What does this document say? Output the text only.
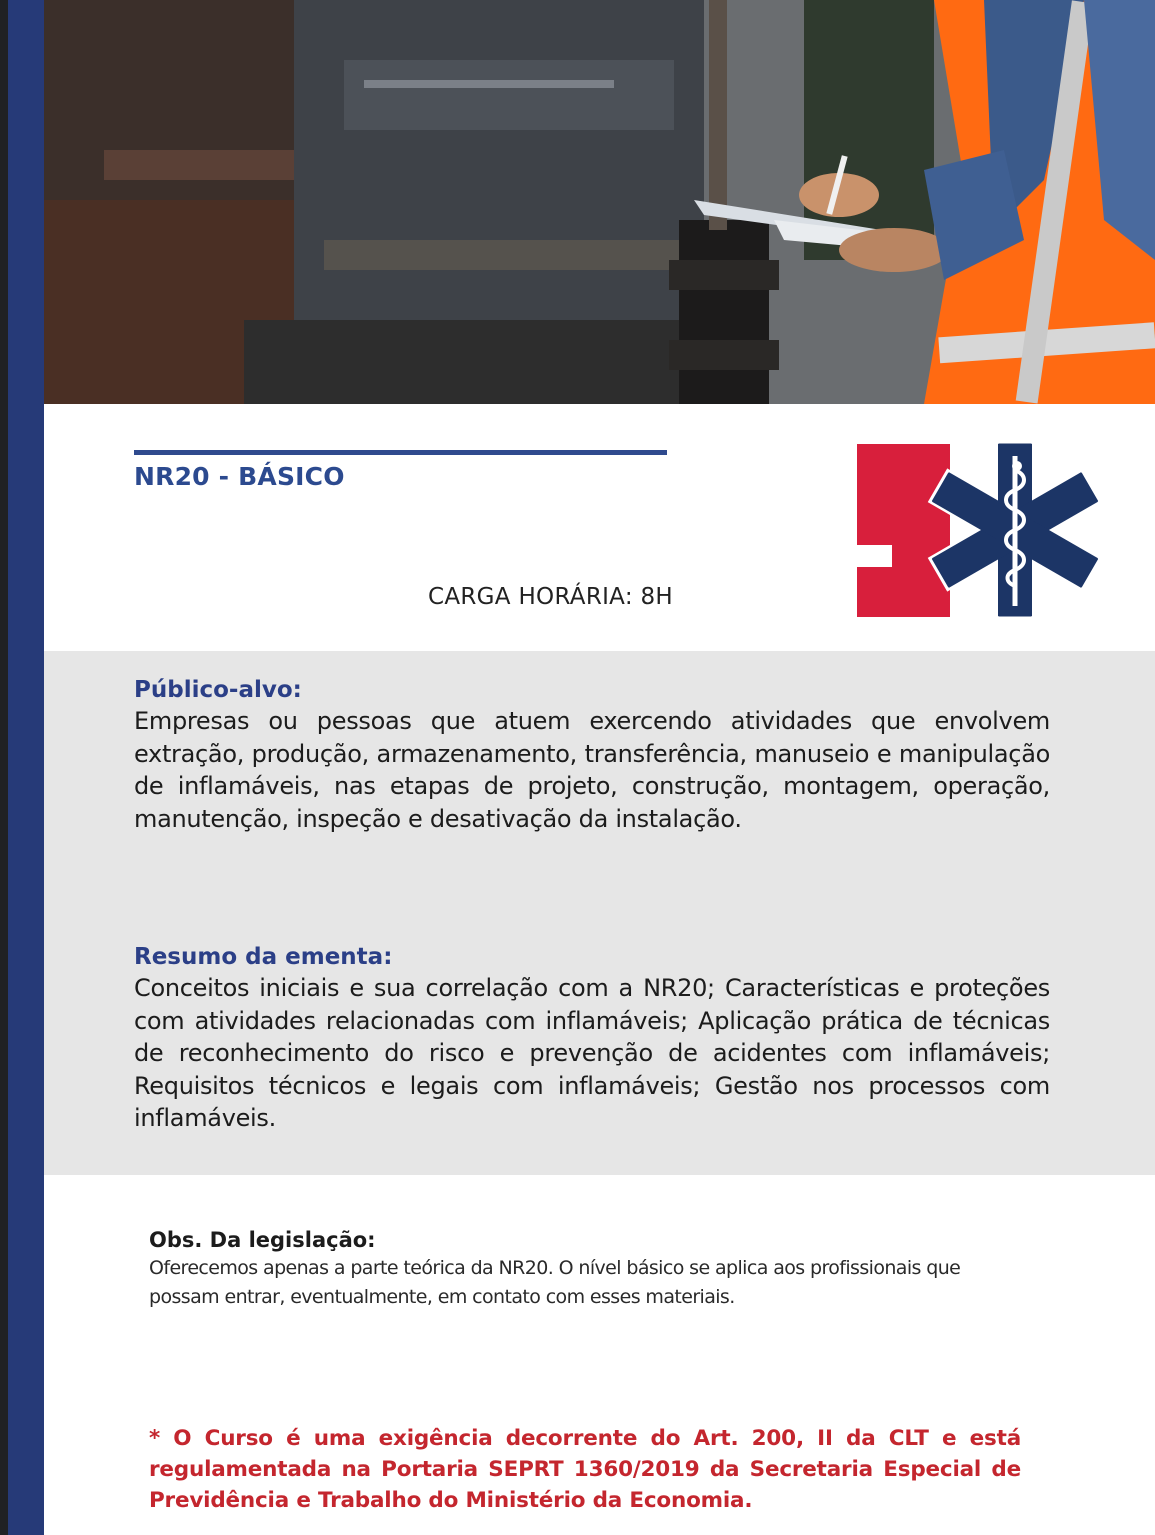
NR20 - BÁSICO
CARGA HORÁRIA: 8H
Público-alvo:

Empresas ou pessoas que atuem exercendo atividades que envolvem extração, produção, armazenamento, transferência, manuseio e manipulação de inflamáveis, nas etapas de projeto, construção, montagem, operação, manutenção, inspeção e desativação da instalação.

Resumo da ementa:

Conceitos iniciais e sua correlação com a NR20; Características e proteções com atividades relacionadas com inflamáveis; Aplicação prática de técnicas de reconhecimento do risco e prevenção de acidentes com inflamáveis; Requisitos técnicos e legais com inflamáveis; Gestão nos processos com inflamáveis.

Obs. Da legislação:

Oferecemos apenas a parte teórica da NR20. O nível básico se aplica aos profissionais que possam entrar, eventualmente, em contato com esses materiais.

* O Curso é uma exigência decorrente do Art. 200, II da CLT e está regulamentada na Portaria SEPRT 1360/2019 da Secretaria Especial de Previdência e Trabalho do Ministério da Economia.
